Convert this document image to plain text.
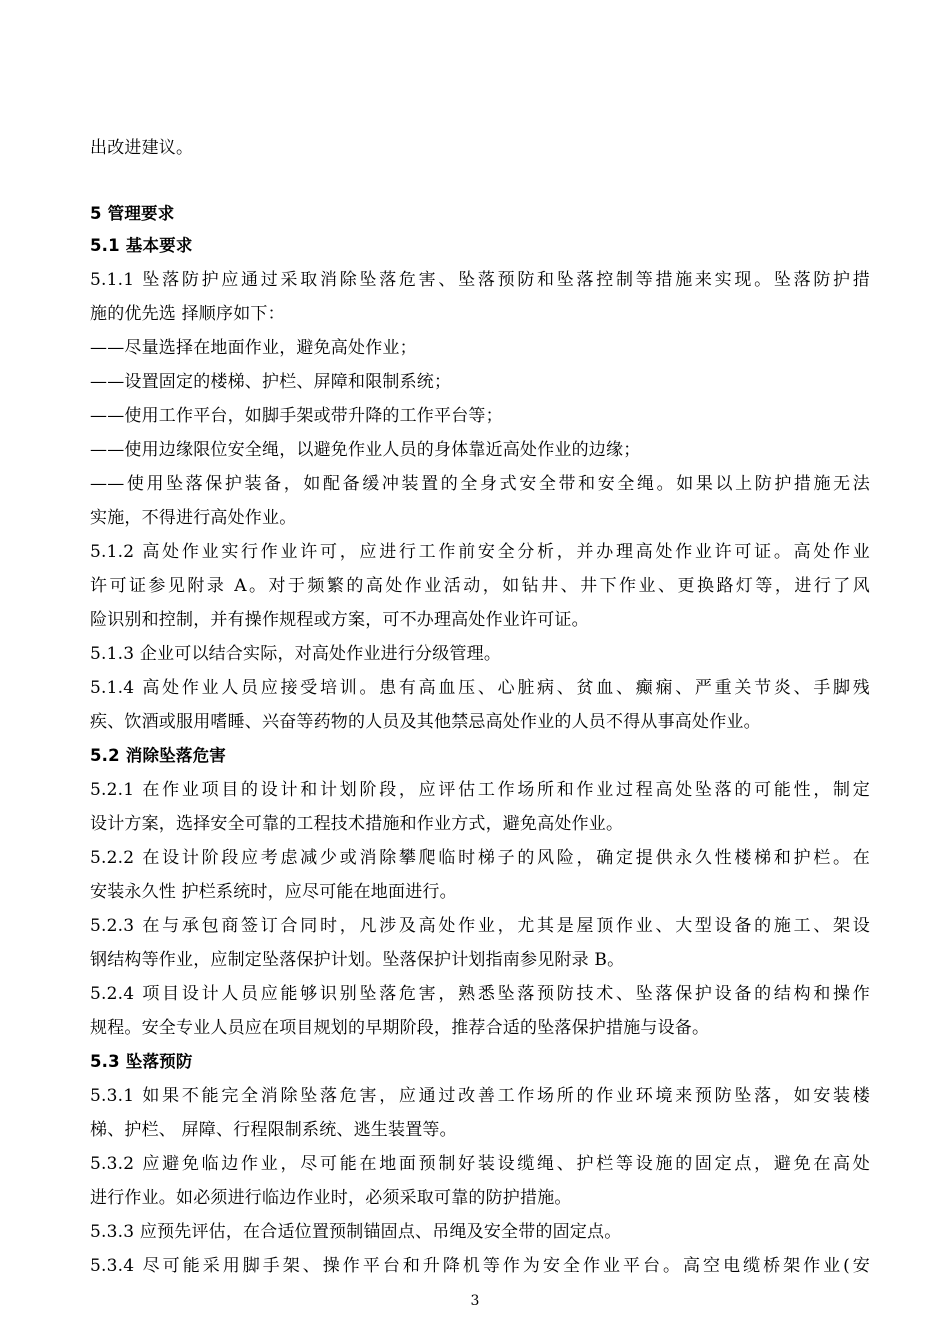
出改进建议。
5 管理要求
5.1 基本要求
5.1.1 坠落防护应通过采取消除坠落危害、坠落预防和坠落控制等措施来实现。坠落防护措
施的优先选 择顺序如下：
——尽量选择在地面作业，避免高处作业；
——设置固定的楼梯、护栏、屏障和限制系统；
——使用工作平台，如脚手架或带升降的工作平台等；
——使用边缘限位安全绳，以避免作业人员的身体靠近高处作业的边缘；
——使用坠落保护装备，如配备缓冲装置的全身式安全带和安全绳。如果以上防护措施无法
实施，不得进行高处作业。
5.1.2 高处作业实行作业许可，应进行工作前安全分析，并办理高处作业许可证。高处作业
许可证参见附录 A。对于频繁的高处作业活动，如钻井、井下作业、更换路灯等，进行了风
险识别和控制，并有操作规程或方案，可不办理高处作业许可证。
5.1.3 企业可以结合实际，对高处作业进行分级管理。
5.1.4 高处作业人员应接受培训。患有高血压、心脏病、贫血、癫痫、严重关节炎、手脚残
疾、饮酒或服用嗜睡、兴奋等药物的人员及其他禁忌高处作业的人员不得从事高处作业。
5.2 消除坠落危害
5.2.1 在作业项目的设计和计划阶段，应评估工作场所和作业过程高处坠落的可能性，制定
设计方案，选择安全可靠的工程技术措施和作业方式，避免高处作业。
5.2.2 在设计阶段应考虑减少或消除攀爬临时梯子的风险，确定提供永久性楼梯和护栏。在
安装永久性 护栏系统时，应尽可能在地面进行。
5.2.3 在与承包商签订合同时，凡涉及高处作业，尤其是屋顶作业、大型设备的施工、架设
钢结构等作业，应制定坠落保护计划。坠落保护计划指南参见附录 B。
5.2.4 项目设计人员应能够识别坠落危害，熟悉坠落预防技术、坠落保护设备的结构和操作
规程。安全专业人员应在项目规划的早期阶段，推荐合适的坠落保护措施与设备。
5.3 坠落预防
5.3.1 如果不能完全消除坠落危害，应通过改善工作场所的作业环境来预防坠落，如安装楼
梯、护栏、 屏障、行程限制系统、逃生装置等。
5.3.2 应避免临边作业，尽可能在地面预制好装设缆绳、护栏等设施的固定点，避免在高处
进行作业。如必须进行临边作业时，必须采取可靠的防护措施。
5.3.3 应预先评估，在合适位置预制锚固点、吊绳及安全带的固定点。
5.3.4 尽可能采用脚手架、操作平台和升降机等作为安全作业平台。高空电缆桥架作业(安
3
